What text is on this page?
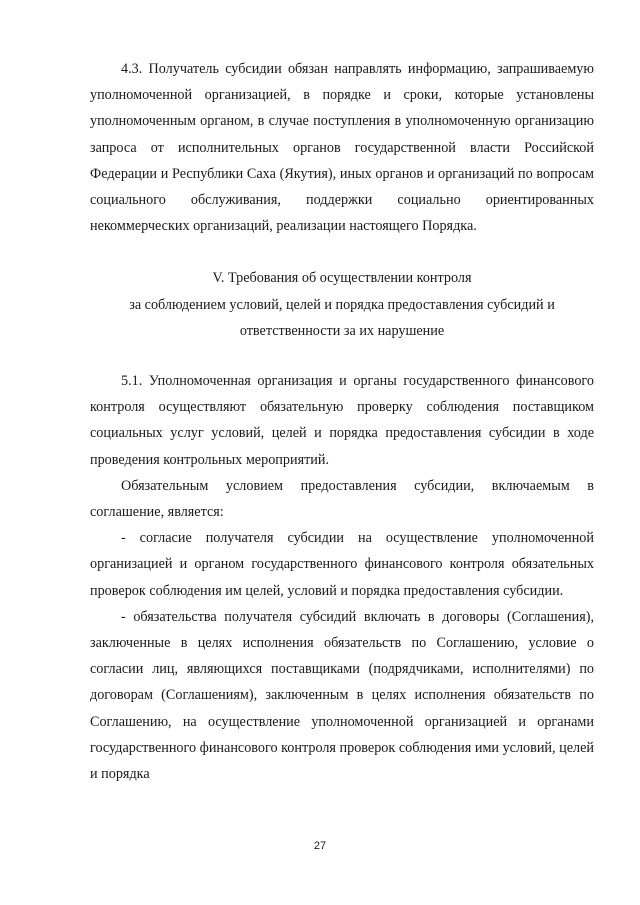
4.3. Получатель субсидии обязан направлять информацию, запрашиваемую уполномоченной организацией, в порядке и сроки, которые установлены уполномоченным органом, в случае поступления в уполномоченную организацию запроса от исполнительных органов государственной власти Российской Федерации и Республики Саха (Якутия), иных органов и организаций по вопросам социального обслуживания, поддержки социально ориентированных некоммерческих организаций, реализации настоящего Порядка.

V. Требования об осуществлении контроля

за соблюдением условий, целей и порядка предоставления субсидий и

ответственности за их нарушение

5.1. Уполномоченная организация и органы государственного финансового контроля осуществляют обязательную проверку соблюдения поставщиком социальных услуг условий, целей и порядка предоставления субсидии в ходе проведения контрольных мероприятий.

Обязательным условием предоставления субсидии, включаемым в соглашение, является:

- согласие получателя субсидии на осуществление уполномоченной организацией и органом государственного финансового контроля обязательных проверок соблюдения им целей, условий и порядка предоставления субсидии.

- обязательства получателя субсидий включать в договоры (Соглашения), заключенные в целях исполнения обязательств по Соглашению, условие о согласии лиц, являющихся поставщиками (подрядчиками, исполнителями) по договорам (Соглашениям), заключенным в целях исполнения обязательств по Соглашению, на осуществление уполномоченной организацией и органами государственного финансового контроля проверок соблюдения ими условий, целей и порядка

27
